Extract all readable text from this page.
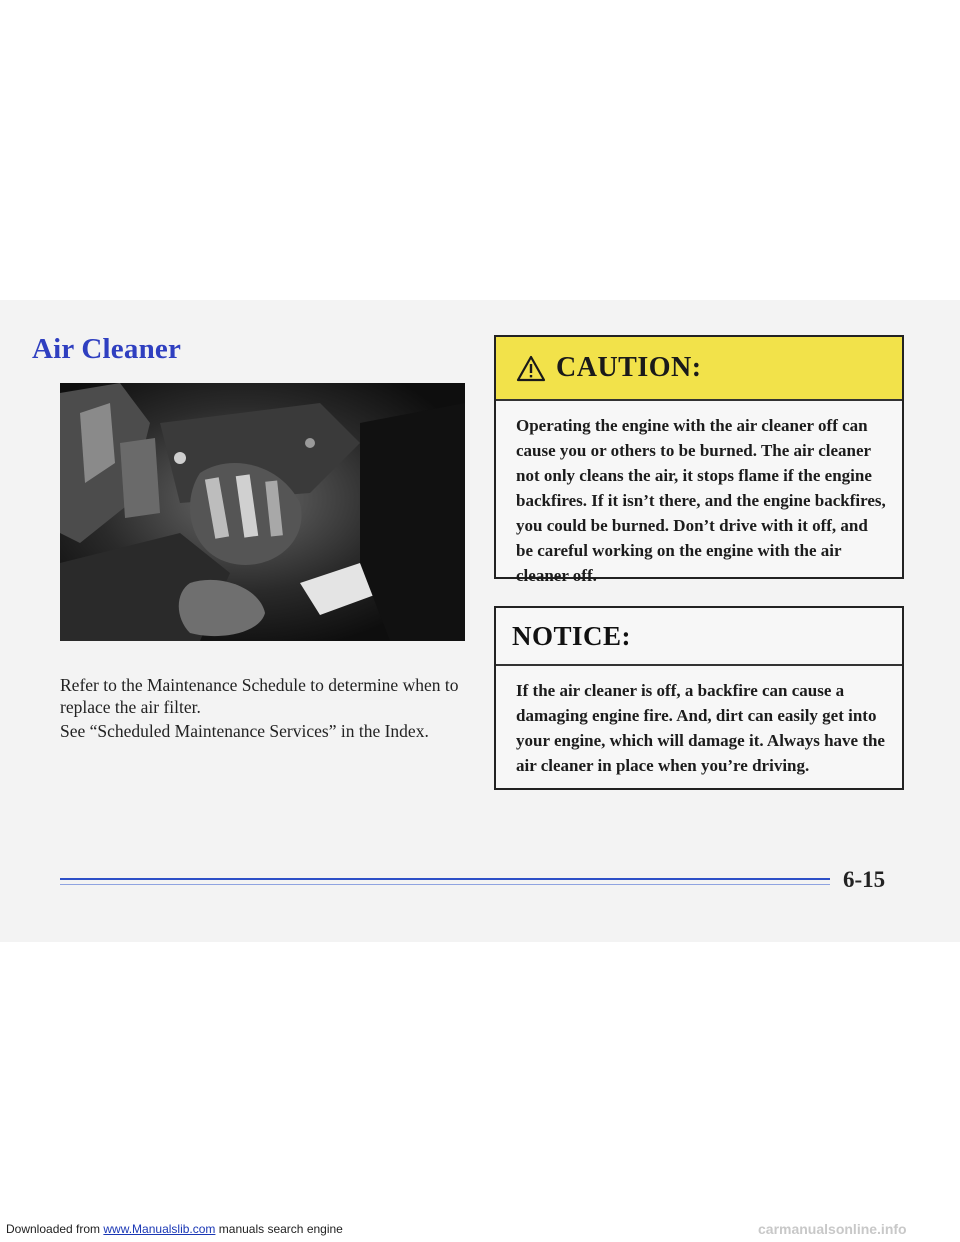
Air Cleaner

Refer to the Maintenance Schedule to determine when to replace the air filter.

See “Scheduled Maintenance Services” in the Index.

CAUTION:

Operating the engine with the air cleaner off can cause you or others to be burned. The air cleaner not only cleans the air, it stops flame if the engine backfires. If it isn’t there, and the engine backfires, you could be burned. Don’t drive with it off, and be careful working on the engine with the air cleaner off.

NOTICE:

If the air cleaner is off, a backfire can cause a damaging engine fire. And, dirt can easily get into your engine, which will damage it. Always have the air cleaner in place when you’re driving.

6-15
Downloaded from www.Manualslib.com manuals search engine	carmanualsonline.info
